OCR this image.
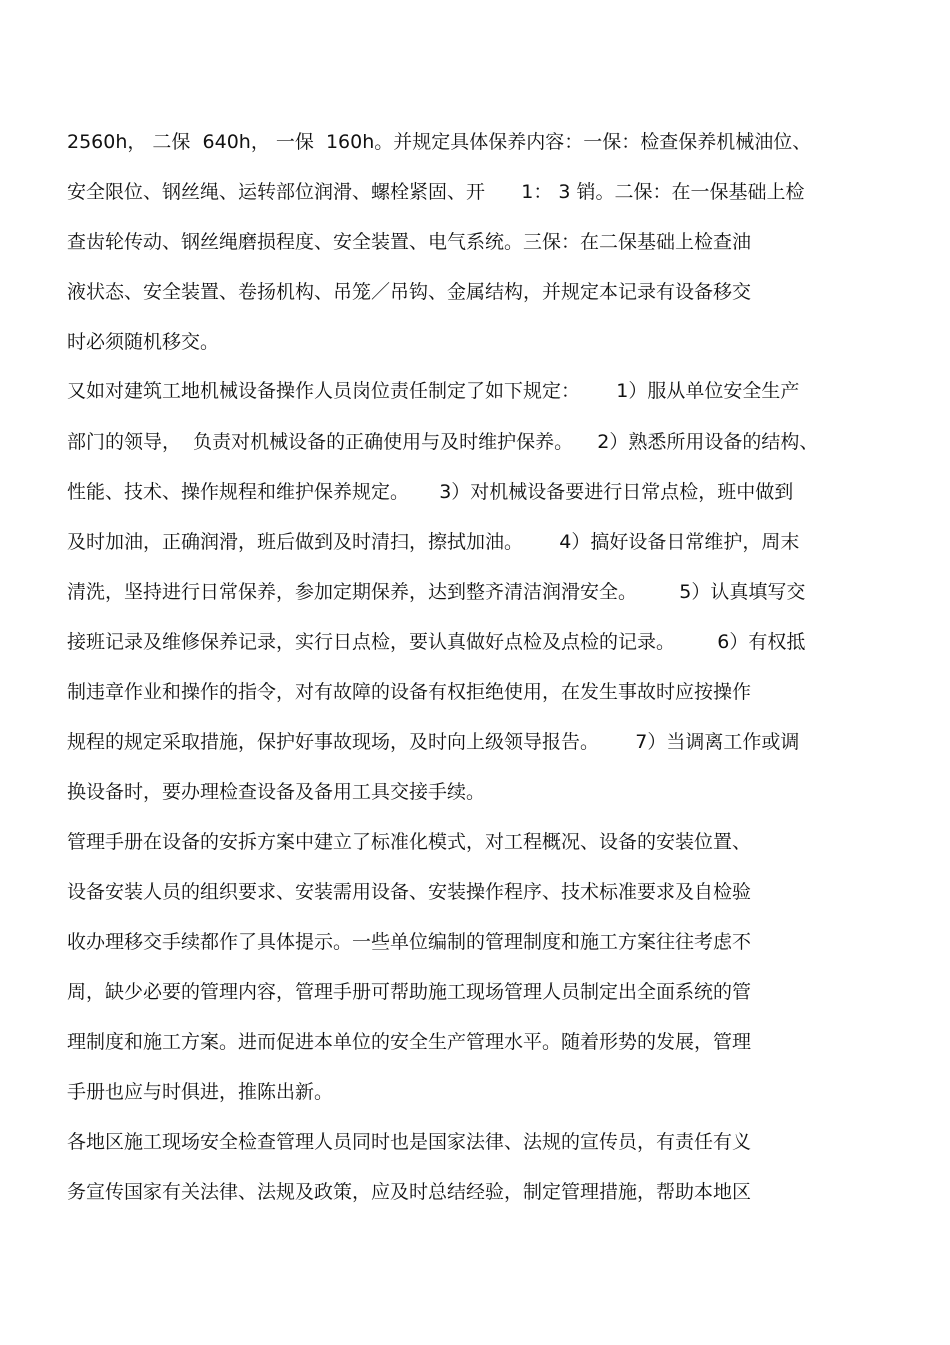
2560h， 二保  640h， 一保  160h。并规定具体保养内容：一保：检查保养机械油位、
安全限位、钢丝绳、运转部位润滑、螺栓紧固、开      1： 3 销。二保：在一保基础上检
查齿轮传动、钢丝绳磨损程度、安全装置、电气系统。三保：在二保基础上检查油
液状态、安全装置、卷扬机构、吊笼／吊钩、金属结构，并规定本记录有设备移交
时必须随机移交。
又如对建筑工地机械设备操作人员岗位责任制定了如下规定：      1）服从单位安全生产
部门的领导，  负责对机械设备的正确使用与及时维护保养。    2）熟悉所用设备的结构、
性能、技术、操作规程和维护保养规定。     3）对机械设备要进行日常点检，班中做到
及时加油，正确润滑，班后做到及时清扫，擦拭加油。      4）搞好设备日常维护，周末
清洗，坚持进行日常保养，参加定期保养，达到整齐清洁润滑安全。       5）认真填写交
接班记录及维修保养记录，实行日点检，要认真做好点检及点检的记录。       6）有权抵
制违章作业和操作的指令，对有故障的设备有权拒绝使用，在发生事故时应按操作
规程的规定采取措施，保护好事故现场，及时向上级领导报告。      7）当调离工作或调
换设备时，要办理检查设备及备用工具交接手续。
管理手册在设备的安拆方案中建立了标准化模式，对工程概况、设备的安装位置、
设备安装人员的组织要求、安装需用设备、安装操作程序、技术标准要求及自检验
收办理移交手续都作了具体提示。一些单位编制的管理制度和施工方案往往考虑不
周，缺少必要的管理内容，管理手册可帮助施工现场管理人员制定出全面系统的管
理制度和施工方案。进而促进本单位的安全生产管理水平。随着形势的发展，管理
手册也应与时俱进，推陈出新。
各地区施工现场安全检查管理人员同时也是国家法律、法规的宣传员，有责任有义
务宣传国家有关法律、法规及政策，应及时总结经验，制定管理措施，帮助本地区
